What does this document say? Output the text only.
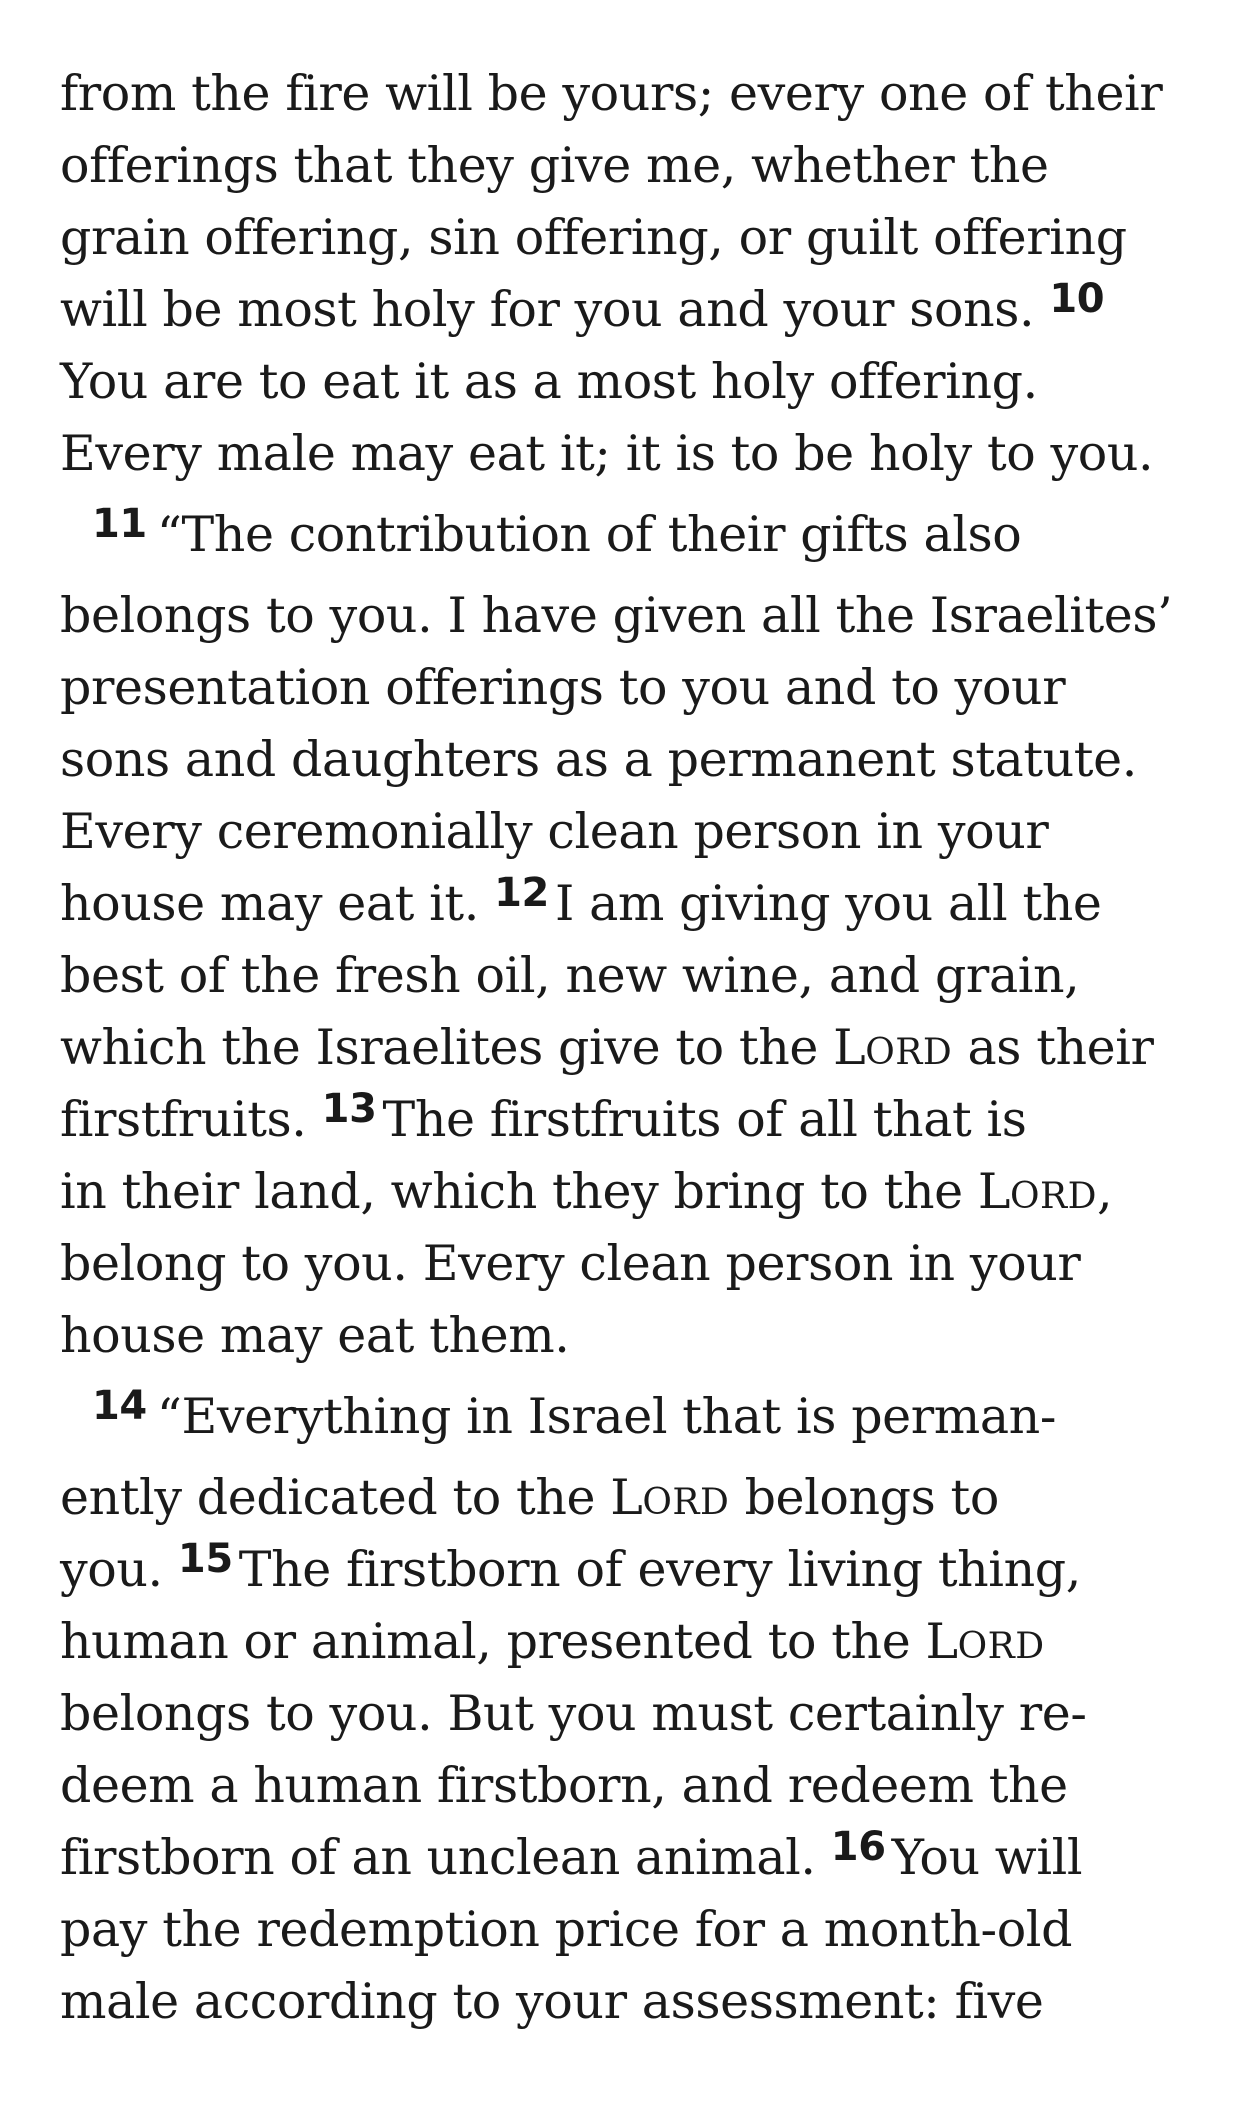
from the fire will be yours; every one of their
offerings that they give me, whether the
grain offering, sin offering, or guilt offering
will be most holy for you and your sons. $^{10}$
You are to eat it as a most holy offering.
Every male may eat it; it is to be holy to you.
$^{11}$ “The contribution of their gifts also
belongs to you. I have given all the Israelites’
presentation offerings to you and to your
sons and daughters as a permanent statute.
Every ceremonially clean person in your
house may eat it. $^{12}$ I am giving you all the
best of the fresh oil, new wine, and grain,
which the Israelites give to the LORD as their
firstfruits. $^{13}$ The firstfruits of all that is
in their land, which they bring to the LORD,
belong to you. Every clean person in your
house may eat them.
$^{14}$ “Everything in Israel that is perman-
ently dedicated to the LORD belongs to
you. $^{15}$ The firstborn of every living thing,
human or animal, presented to the LORD
belongs to you. But you must certainly re-
deem a human firstborn, and redeem the
firstborn of an unclean animal. $^{16}$ You will
pay the redemption price for a month-old
male according to your assessment: five
